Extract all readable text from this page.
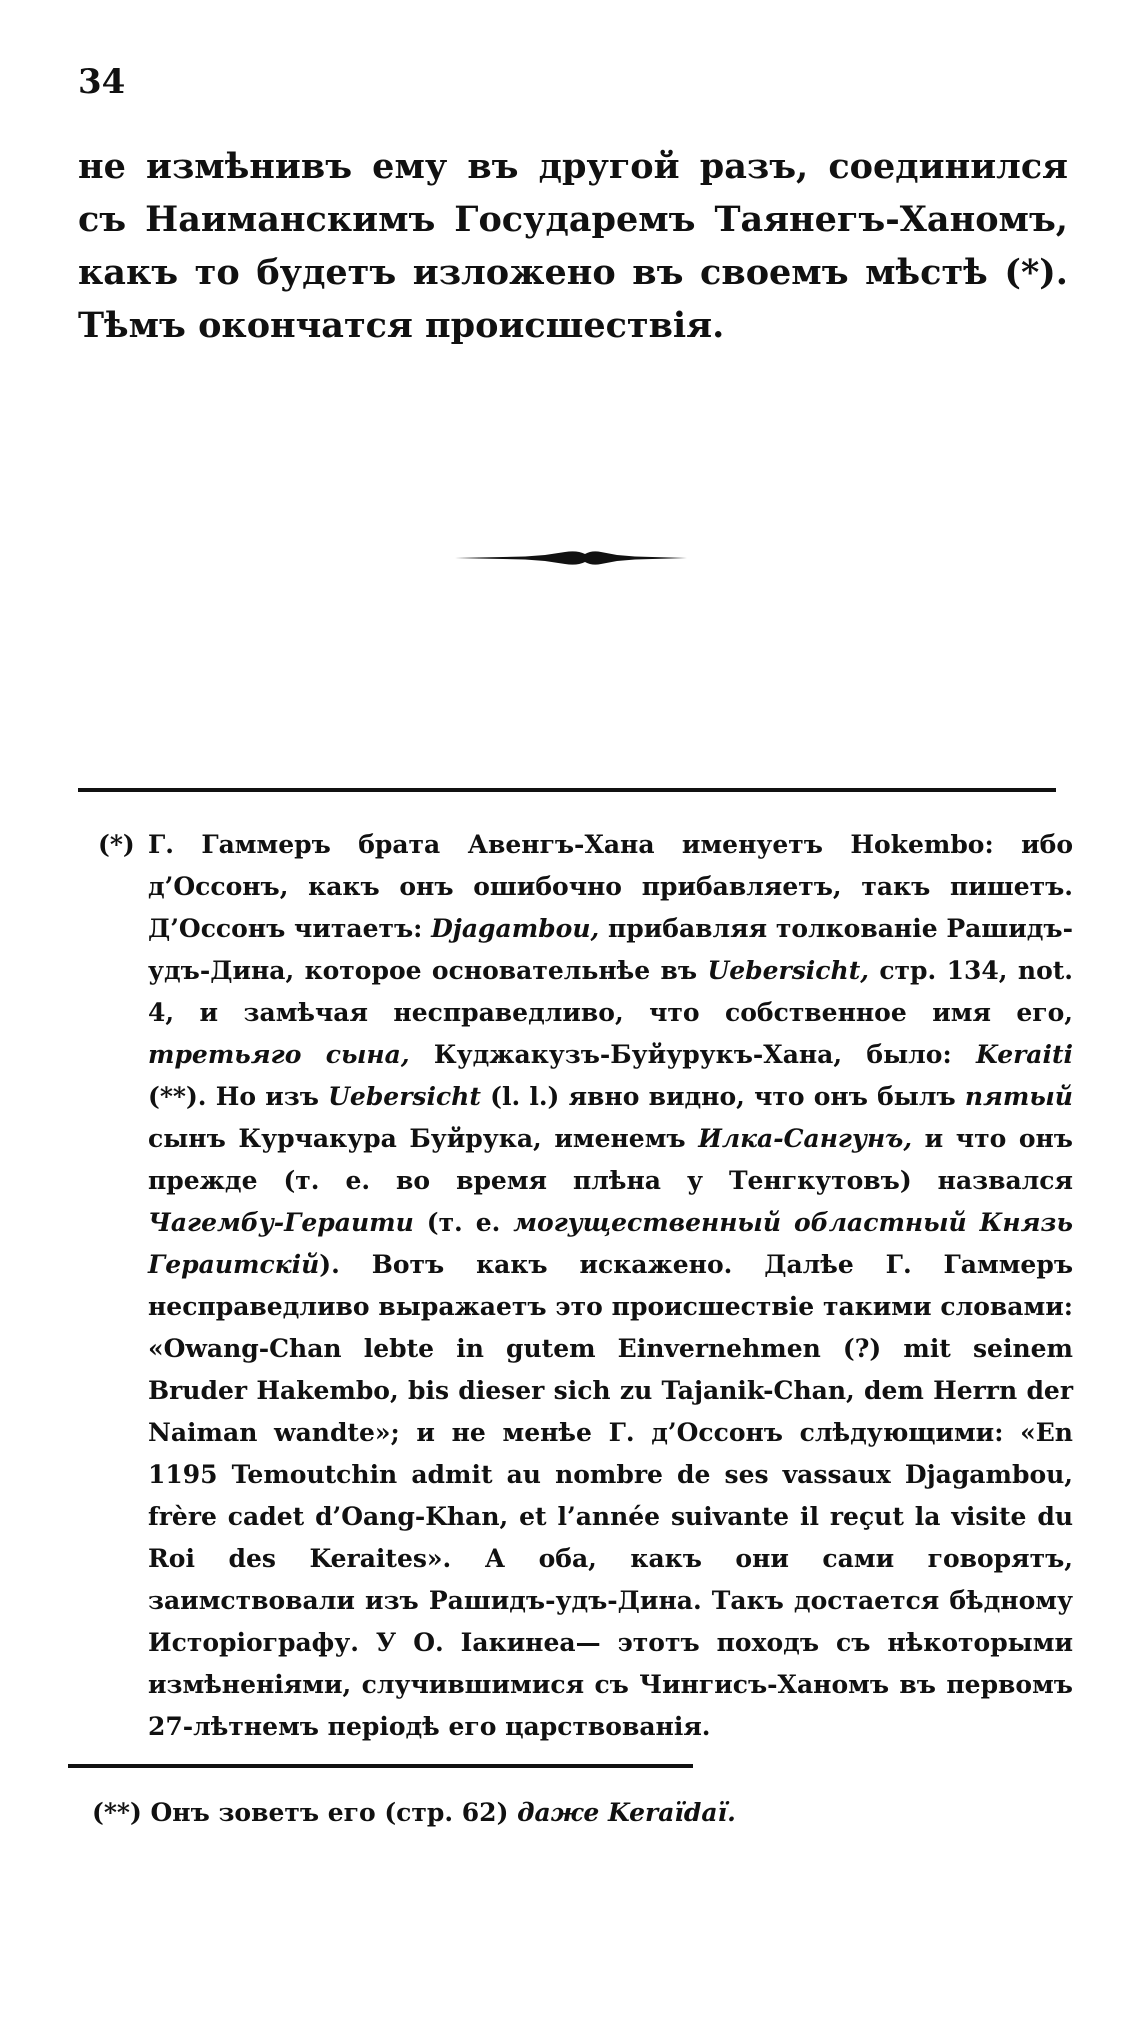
34

не измѣнивъ ему въ другой разъ, соединился съ Наиманскимъ Государемъ Таянегъ-Ханомъ, какъ то будетъ изложено въ своемъ мѣстѣ (*). Тѣмъ окончатся происшествія.

(*) Г. Гаммеръ брата Авенгъ-Хана именуетъ Hokembo: ибо д’Оссонъ, какъ онъ ошибочно прибавляетъ, такъ пишетъ. Д’Оссонъ читаетъ: Djagambou, прибавляя толкованіе Рашидъ-удъ-Дина, которое основательнѣе въ Uebersicht, стр. 134, not. 4, и замѣчая несправедливо, что собственное имя его, третьяго сына, Куджакузъ-Буйурукъ-Хана, было: Keraiti (**). Но изъ Uebersicht (l. l.) явно видно, что онъ былъ пятый сынъ Курчакура Буйрука, именемъ Илка-Сангунъ, и что онъ прежде (т. е. во время плѣна у Тенгкутовъ) назвался Чагембу-Гераити (т. е. могущественный областный Князь Гераитскій). Вотъ какъ искажено. Далѣе Г. Гаммеръ несправедливо выражаетъ это происшествіе такими словами: «Owang-Chan lebte in gutem Einvernehmen (?) mit seinem Bruder Hakembo, bis dieser sich zu Tajanik-Chan, dem Herrn der Naiman wandte»; и не менѣе Г. д’Оссонъ слѣдующими: «En 1195 Temoutchin admit au nombre de ses vassaux Djagambou, frère cadet d’Oang-Khan, et l’année suivante il reçut la visite du Roi des Keraites». А оба, какъ они сами говорятъ, заимствовали изъ Рашидъ-удъ-Дина. Такъ достается бѣдному Исторіографу. У О. Іакинеа— этотъ походъ съ нѣкоторыми измѣненіями, случившимися съ Чингисъ-Ханомъ въ первомъ 27-лѣтнемъ періодѣ его царствованія.

(**) Онъ зоветъ его (стр. 62) даже Keraïdaï.
